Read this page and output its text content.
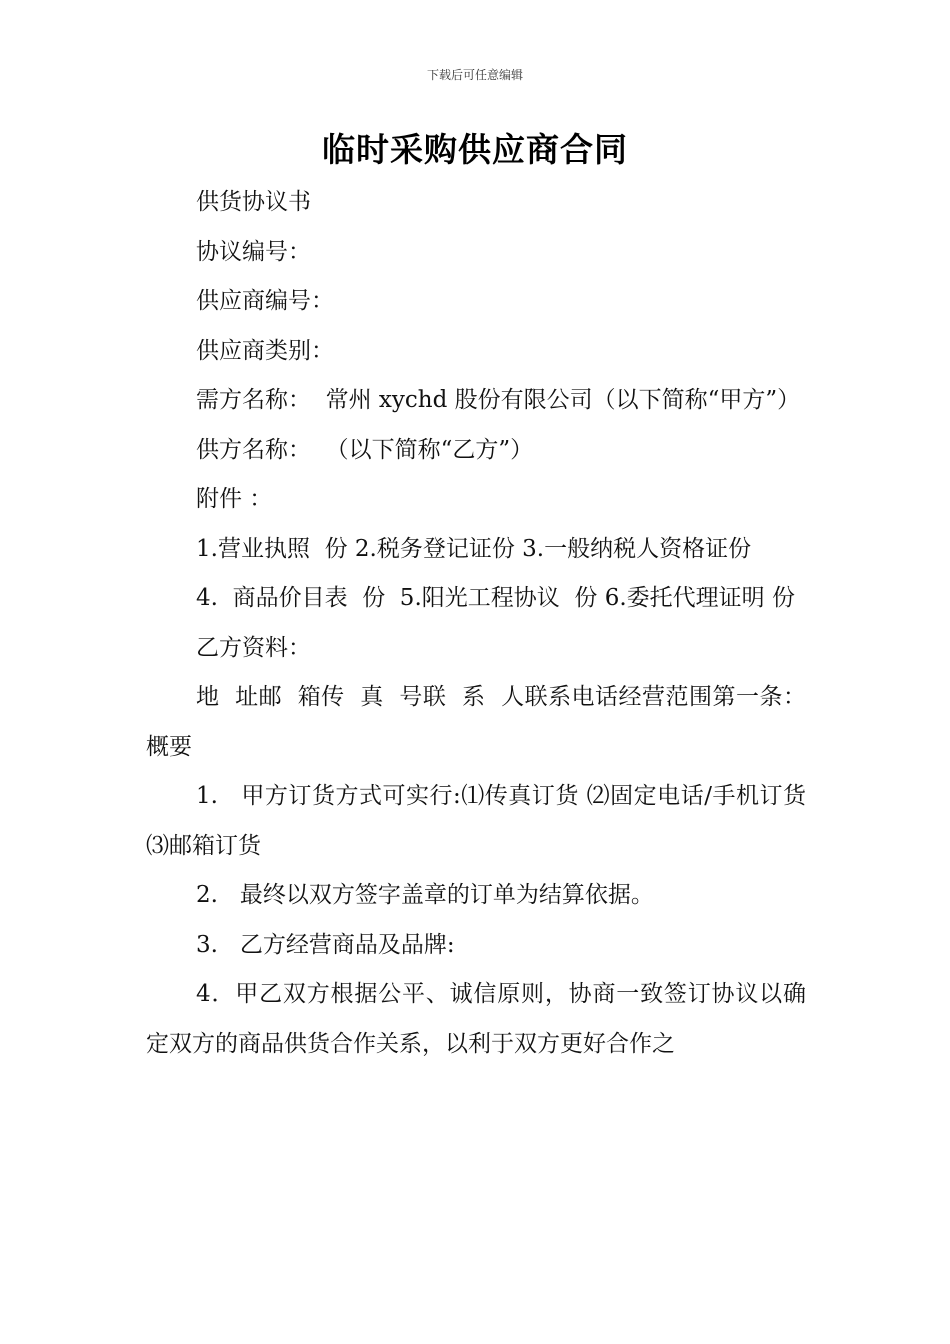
下载后可任意编辑
临时采购供应商合同

供货协议书

协议编号：

供应商编号：

供应商类别：

需方名称：  常州 xychd 股份有限公司（以下简称“甲方”）

供方名称：  （以下简称“乙方”）

附件 ：

1.营业执照  份 2.税务登记证份 3.一般纳税人资格证份

4.  商品价目表  份  5.阳光工程协议  份 6.委托代理证明 份

乙方资料：

地  址邮  箱传  真  号联  系  人联系电话经营范围第一条：概要

1.   甲方订货方式可实行:⑴传真订货 ⑵固定电话/手机订货 ⑶邮箱订货

2.   最终以双方签字盖章的订单为结算依据。

3.   乙方经营商品及品牌:

4．甲乙双方根据公平、诚信原则，协商一致签订协议以确定双方的商品供货合作关系，以利于双方更好合作之
